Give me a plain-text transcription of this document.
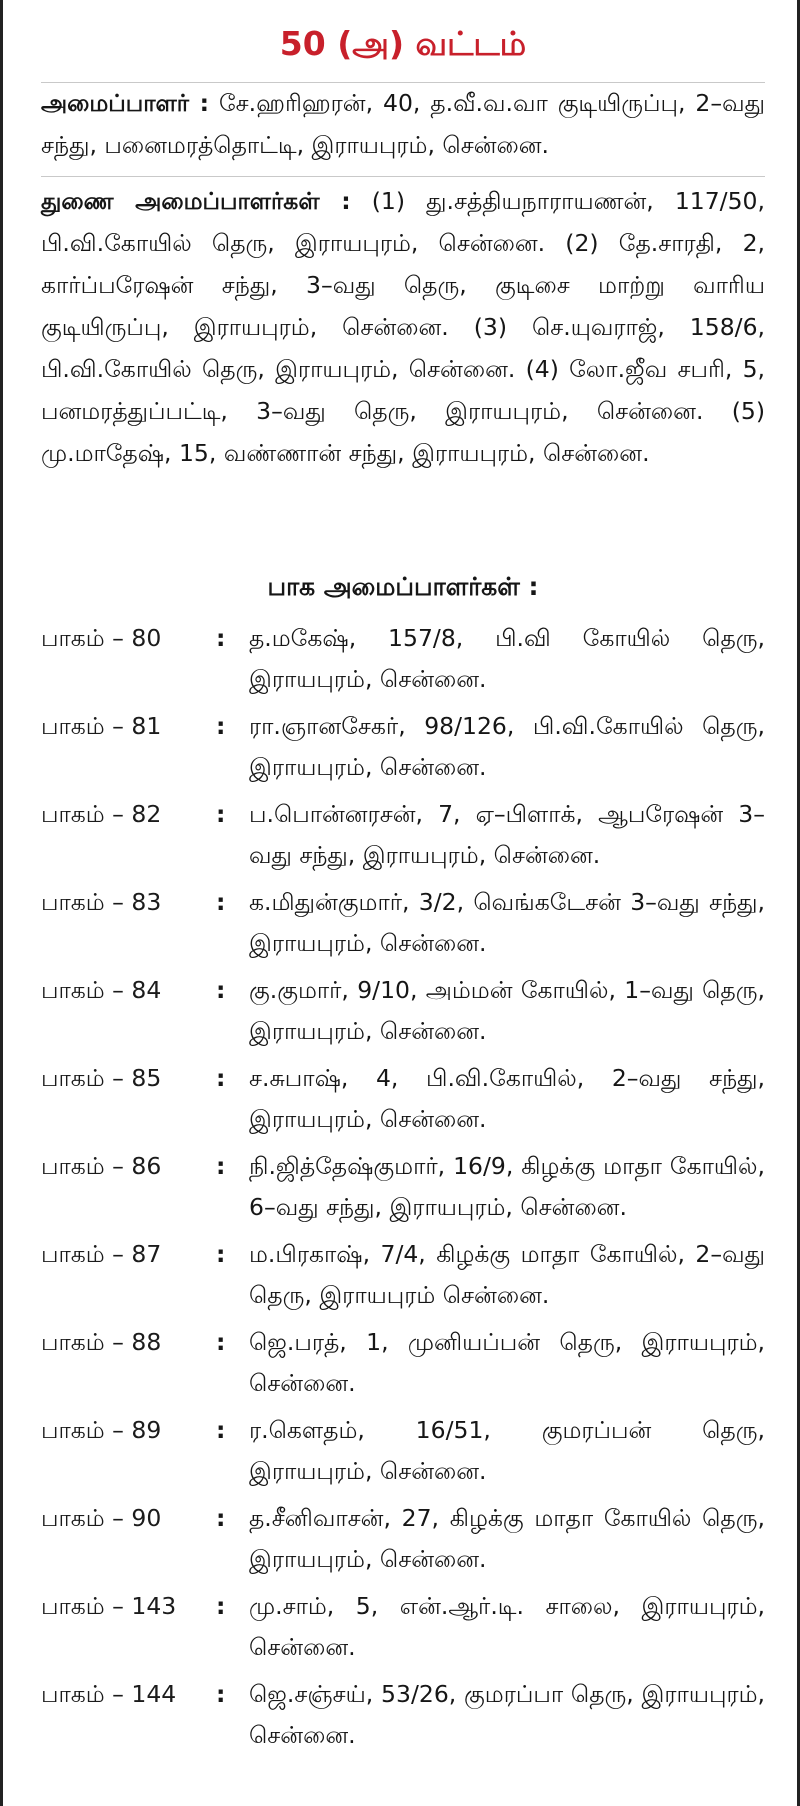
50 (அ) வட்டம்

அமைப்பாளர் : சே.ஹரிஹரன், 40, த.வீ.வ.வா குடியிருப்பு, 2–வது சந்து, பனைமரத்தொட்டி, இராயபுரம், சென்னை.

துணை அமைப்பாளர்கள் : (1) து.சத்தியநாராயணன், 117/50, பி.வி.கோயில் தெரு, இராயபுரம், சென்னை. (2) தே.சாரதி, 2, கார்ப்பரேஷன் சந்து, 3–வது தெரு, குடிசை மாற்று வாரிய குடியிருப்பு, இராயபுரம், சென்னை. (3) செ.யுவராஜ், 158/6, பி.வி.கோயில் தெரு, இராயபுரம், சென்னை. (4) லோ.ஜீவ சபரி, 5, பனமரத்துப்பட்டி, 3–வது தெரு, இராயபுரம், சென்னை. (5) மு.மாதேஷ், 15, வண்ணான் சந்து, இராயபுரம், சென்னை.

பாக அமைப்பாளர்கள் :
பாகம் – 80	:	த.மகேஷ், 157/8, பி.வி கோயில் தெரு, இராயபுரம், சென்னை.
பாகம் – 81	:	ரா.ஞானசேகர், 98/126, பி.வி.கோயில் தெரு, இராயபுரம், சென்னை.
பாகம் – 82	:	ப.பொன்னரசன், 7, ஏ–பிளாக், ஆபரேஷன் 3–வது சந்து, இராயபுரம், சென்னை.
பாகம் – 83	:	க.மிதுன்குமார், 3/2, வெங்கடேசன் 3–வது சந்து, இராயபுரம், சென்னை.
பாகம் – 84	:	கு.குமார், 9/10, அம்மன் கோயில், 1–வது தெரு, இராயபுரம், சென்னை.
பாகம் – 85	:	ச.சுபாஷ், 4, பி.வி.கோயில், 2–வது சந்து, இராயபுரம், சென்னை.
பாகம் – 86	:	நி.ஜித்தேஷ்குமார், 16/9, கிழக்கு மாதா கோயில், 6–வது சந்து, இராயபுரம், சென்னை.
பாகம் – 87	:	ம.பிரகாஷ், 7/4, கிழக்கு மாதா கோயில், 2–வது தெரு, இராயபுரம் சென்னை.
பாகம் – 88	:	ஜெ.பரத், 1, முனியப்பன் தெரு, இராயபுரம், சென்னை.
பாகம் – 89	:	ர.கௌதம், 16/51, குமரப்பன் தெரு, இராயபுரம், சென்னை.
பாகம் – 90	:	த.சீனிவாசன், 27, கிழக்கு மாதா கோயில் தெரு, இராயபுரம், சென்னை.
பாகம் – 143	:	மு.சாம், 5, என்.ஆர்.டி. சாலை, இராயபுரம், சென்னை.
பாகம் – 144	:	ஜெ.சஞ்சய், 53/26, குமரப்பா தெரு, இராயபுரம், சென்னை.
